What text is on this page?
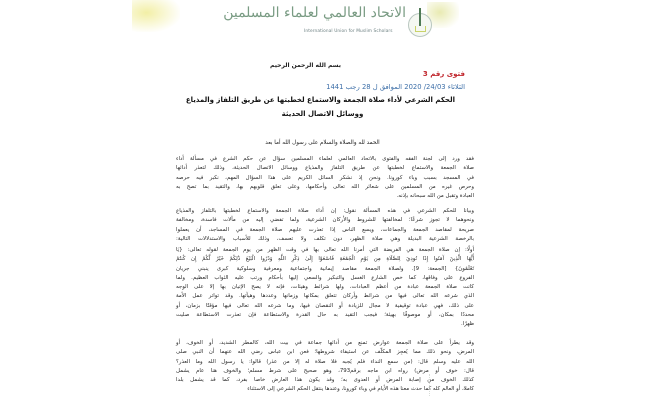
الاتحاد العالمي لعلماء المسلمين
International Union for Muslim Scholars
بسم الله الرحمن الرحيم
فتوى رقم 3
الثلاثاء 24/03/ 2020 الموافق ل 28 رجب 1441
الحكم الشرعي لأداء صلاة الجمعة والاستماع لخطبتها عن طريق التلفاز والمذياع
ووسائل الاتصال الحديثة
الحمد لله والصلاة والسلام على رسول الله أما بعد
فقد ورد إلى لجنة الفقه والفتوى بالاتحاد العالمي لعلماء المسلمين سؤال عن حكم الشرع في مسألة أداء
صلاة الجمعة والاستماع لخطبتها عن طريق التلفاز والمذياع ووسائل الاتصال الحديثة، وذلك لتعذر أدائها
في المسجد بسبب وباء كورونا. ونحن إذ نشكر السائل الكريم على هذا السؤال المهم، نكبر فيه حرصه
وحرص غيره من المسلمين على شعائر الله تعالى وأحكامها، وعلى تعلق قلوبهم بها، والتقيد بما تصح به
العبادة وتقبل من الله سبحانه بإذنه.
وبيانا للحكم الشرعي في هذه المسألة نقول: إن أداء صلاة الجمعة والاستماع لخطبتها بالتلفاز والمذياع
ونحوهما لا تجوز شرعًا؛ لمخالفتها للشروط والأركان الشرعية، ولما تفضي إليه من مآلات فاسدة، ومخالفة
صريحة لمقاصد الجمعة والجماعات، ويسع الناس إذا تعذرت عليهم صلاة الجمعة في المساجد، أن يعملوا
بالرخصة الشرعية البديلة وهي صلاة الظهر، دون تكلف ولا تعسف، وذلك للأسباب والاستدلالات التالية:
أولًا: إن صلاة الجمعة هي الفريضة التي أمرنا الله تعالى بها في وقت الظهر من يوم الجمعة لقوله تعالى: {يَا
أَيُّهَا الَّذِينَ آمَنُوا إِذَا نُودِيَ لِلصَّلَاةِ مِن يَوْمِ الْجُمُعَةِ فَاسْعَوْا إِلَىٰ ذِكْرِ اللَّهِ وَذَرُوا الْبَيْعَ ذَٰلِكُمْ خَيْرٌ لَّكُمْ إِن كُنتُمْ
تَعْلَمُونَ} [الجمعة: 9]. ولصلاة الجمعة مقاصد إيمانية واجتماعية ومعرفية وسلوكية كبرى ينبني جريان
الفروع على وفاقها، كما خص الشارع الغسل والتبكير والسعي إليها بأحكام ورتب عليه الثواب العظيم. ولما
كانت صلاة الجمعة عبادة من أعظم العبادات، ولها شرائط وهيئات، فإنه لا يصح الإتيان بها إلا على الوجه
الذي شرعه الله تعالى فيها من شرائط وأركان تتعلق بمكانها وزمانها وعددها وهيآتها. وقد تواتر عمل الأمة
على ذلك، فهي عبادة توقيفية لا مجال للزيادة أو النقصان فيها، وما شرعه الله تعالى فيها مؤقتًا بزمان، أو
محددًا بمكان، أو موصوفًا بهيئة؛ فيجب التقيد به حال القدرة والاستطاعة فإن تعذرت الاستطاعة صليت
ظهرًا.
وقد يطرأ على صلاة الجمعة عوارض تمنع من أدائها جماعة في بيت الله، كالمطر الشديد، أو الخوف، أو
المرض، ونحو ذلك مما يُعجِز المكلّف عن استيفاء شروطها؛ فعن ابن عباس رضي الله عنهما أن النبي صلى
الله عليه وسلم قال: (من سمع النداء فلم يُجبه فلا صلاة له إلا من عذر) قالوا: يا رسول الله وما العذر؟
قال: خوف أو مرض) رواه ابن ماجه برقم793، وهو صحيح على شرط مسلم؛ والخوف هنا عام يشمل
كذلك الخوف من إصابة المرض أو العدوى به؛ وقد يكون هذا العارض خاصا بفرد، كما قد يشمل بلدا
كاملا، أو العالم كله كما حدث معنا هذه الأيام في وباء كورونا، وعندها ينتقل الحكم الشرعي إلى الاستثناء
